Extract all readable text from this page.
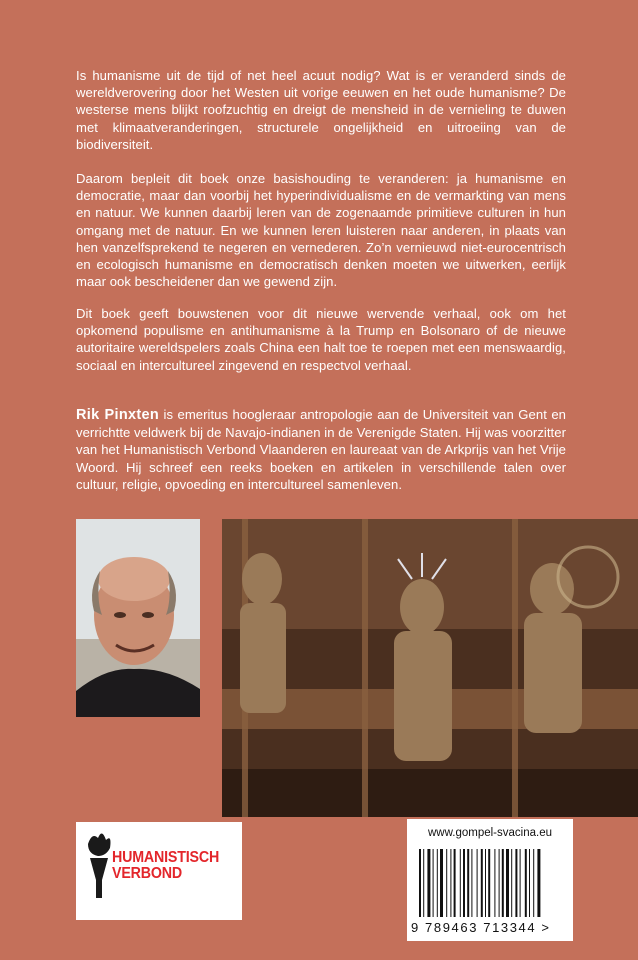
Is humanisme uit de tijd of net heel acuut nodig? Wat is er veranderd sinds de wereldverovering door het Westen uit vorige eeuwen en het oude humanisme? De westerse mens blijkt roofzuchtig en dreigt de mensheid in de vernieling te duwen met klimaatveranderingen, structurele ongelijkheid en uitroeiing van de biodiversiteit.

Daarom bepleit dit boek onze basishouding te veranderen: ja humanisme en democratie, maar dan voorbij het hyperindividualisme en de vermarkting van mens en natuur. We kunnen daarbij leren van de zogenaamde primitieve culturen in hun omgang met de natuur. En we kunnen leren luisteren naar anderen, in plaats van hen vanzelfsprekend te negeren en vernederen. Zo’n vernieuwd niet-eurocentrisch en ecologisch humanisme en democratisch denken moeten we uitwerken, eerlijk maar ook bescheidener dan we gewend zijn.

Dit boek geeft bouwstenen voor dit nieuwe wervende verhaal, ook om het opkomend populisme en antihumanisme à la Trump en Bolsonaro of de nieuwe autoritaire wereldspelers zoals China een halt toe te roepen met een menswaardig, sociaal en intercultureel zingevend en respectvol verhaal.

Rik Pinxten is emeritus hoogleraar antropologie aan de Universiteit van Gent en verrichtte veldwerk bij de Navajo-indianen in de Verenigde Staten. Hij was voorzitter van het Humanistisch Verbond Vlaanderen en laureaat van de Arkprijs van het Vrije Woord. Hij schreef een reeks boeken en artikelen in verschillende talen over cultuur, religie, opvoeding en intercultureel samenleven.

HUMANISTISCH
VERBOND
www.gompel-svacina.eu
9 789463 713344 >
